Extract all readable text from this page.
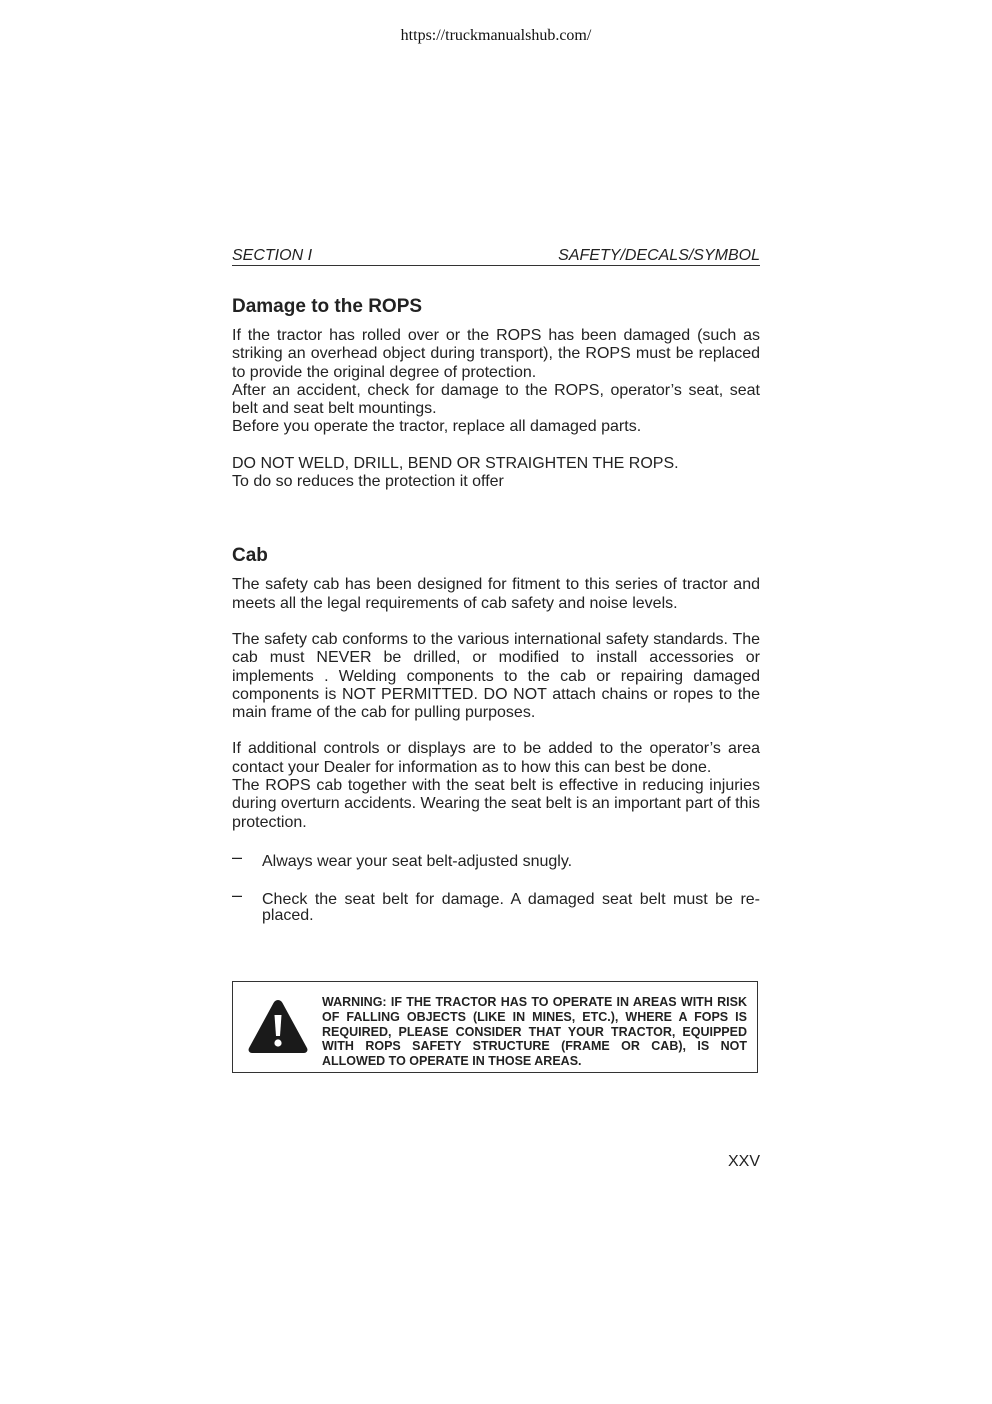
https://truckmanualshub.com/
SECTION I	SAFETY/DECALS/SYMBOL
Damage to the ROPS

If the tractor has rolled over or the ROPS has been damaged (such as striking an overhead object during transport), the ROPS must be replaced to provide the original degree of protection.

After an accident, check for damage to the ROPS, operator’s seat, seat belt and seat belt mountings.

Before you operate the tractor, replace all damaged parts.

DO NOT WELD, DRILL, BEND OR STRAIGHTEN THE ROPS.

To do so reduces the protection it offer

Cab

The safety cab has been designed for fitment to this series of tractor and meets all the legal requirements of cab safety and noise levels.

The safety cab conforms to the various international safety standards. The cab must NEVER be drilled, or modified to install accessories or implements . Welding components to the cab or repairing damaged components is NOT PERMITTED. DO NOT attach chains or ropes to the main frame of the cab for pulling purposes.

If additional controls or displays are to be added to the operator’s area contact your Dealer for information as to how this can best be done.

The ROPS cab together with the seat belt is effective in reducing injuries during overturn accidents. Wearing the seat belt is an important part of this protection.

– Always wear your seat belt-adjusted snugly.
– Check the seat belt for damage. A damaged seat belt must be re-placed.
WARNING: IF THE TRACTOR HAS TO OPERATE IN AREAS WITH RISK OF FALLING OBJECTS (LIKE IN MINES, ETC.), WHERE A FOPS IS REQUIRED, PLEASE CONSIDER THAT YOUR TRACTOR, EQUIPPED WITH ROPS SAFETY STRUCTURE (FRAME OR CAB), IS NOT ALLOWED TO OPERATE IN THOSE AREAS.
XXV
